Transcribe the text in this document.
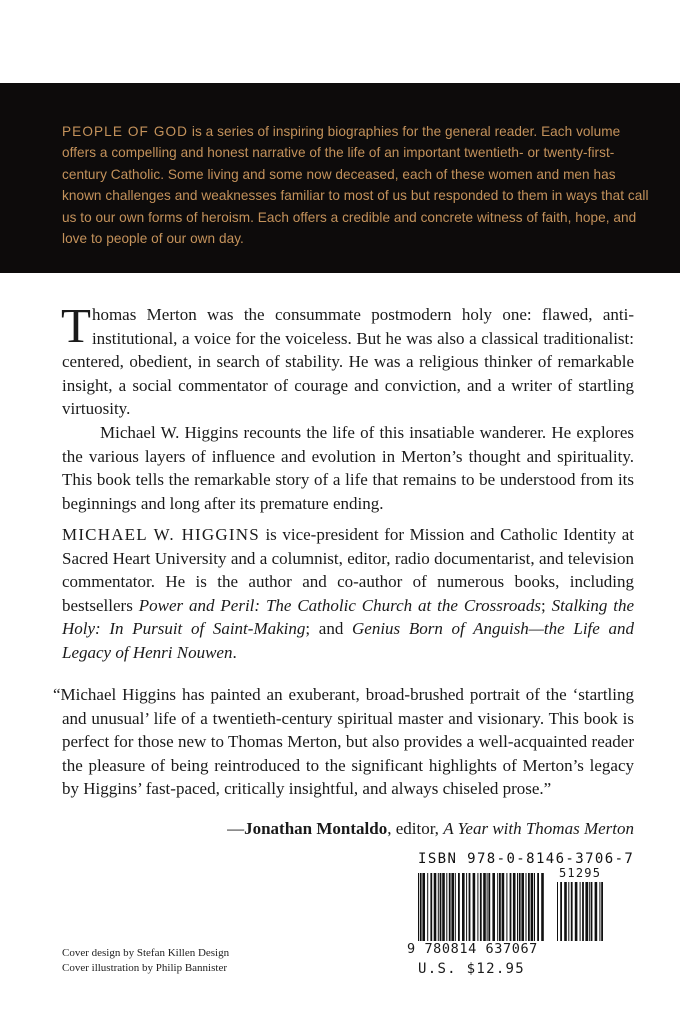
PEOPLE OF GOD is a series of inspiring biographies for the general reader. Each volume offers a compelling and honest narrative of the life of an important twentieth- or twenty-first-century Catholic. Some living and some now deceased, each of these women and men has known challenges and weaknesses familiar to most of us but responded to them in ways that call us to our own forms of heroism. Each offers a credible and concrete witness of faith, hope, and love to people of our own day.

Thomas Merton was the consummate postmodern holy one: flawed, anti-institutional, a voice for the voiceless. But he was also a classical traditionalist: centered, obedient, in search of stability. He was a religious thinker of remarkable insight, a social commentator of courage and conviction, and a writer of startling virtuosity.

Michael W. Higgins recounts the life of this insatiable wanderer. He explores the various layers of influence and evolution in Merton’s thought and spirituality. This book tells the remarkable story of a life that remains to be understood from its beginnings and long after its premature ending.

MICHAEL W. HIGGINS is vice-president for Mission and Catholic Identity at Sacred Heart University and a columnist, editor, radio documentarist, and television commentator. He is the author and co-author of numerous books, including bestsellers Power and Peril: The Catholic Church at the Crossroads; Stalking the Holy: In Pursuit of Saint-Making; and Genius Born of Anguish—the Life and Legacy of Henri Nouwen.

“Michael Higgins has painted an exuberant, broad-brushed portrait of the ‘startling and unusual’ life of a twentieth-century spiritual master and visionary. This book is perfect for those new to Thomas Merton, but also provides a well-acquainted reader the pleasure of being reintroduced to the significant highlights of Merton’s legacy by Higgins’ fast-paced, critically insightful, and always chiseled prose.”

—Jonathan Montaldo, editor, A Year with Thomas Merton
ISBN 978-0-8146-3706-7
51295
9 780814 637067
U.S. $12.95
Cover design by Stefan Killen Design
Cover illustration by Philip Bannister
